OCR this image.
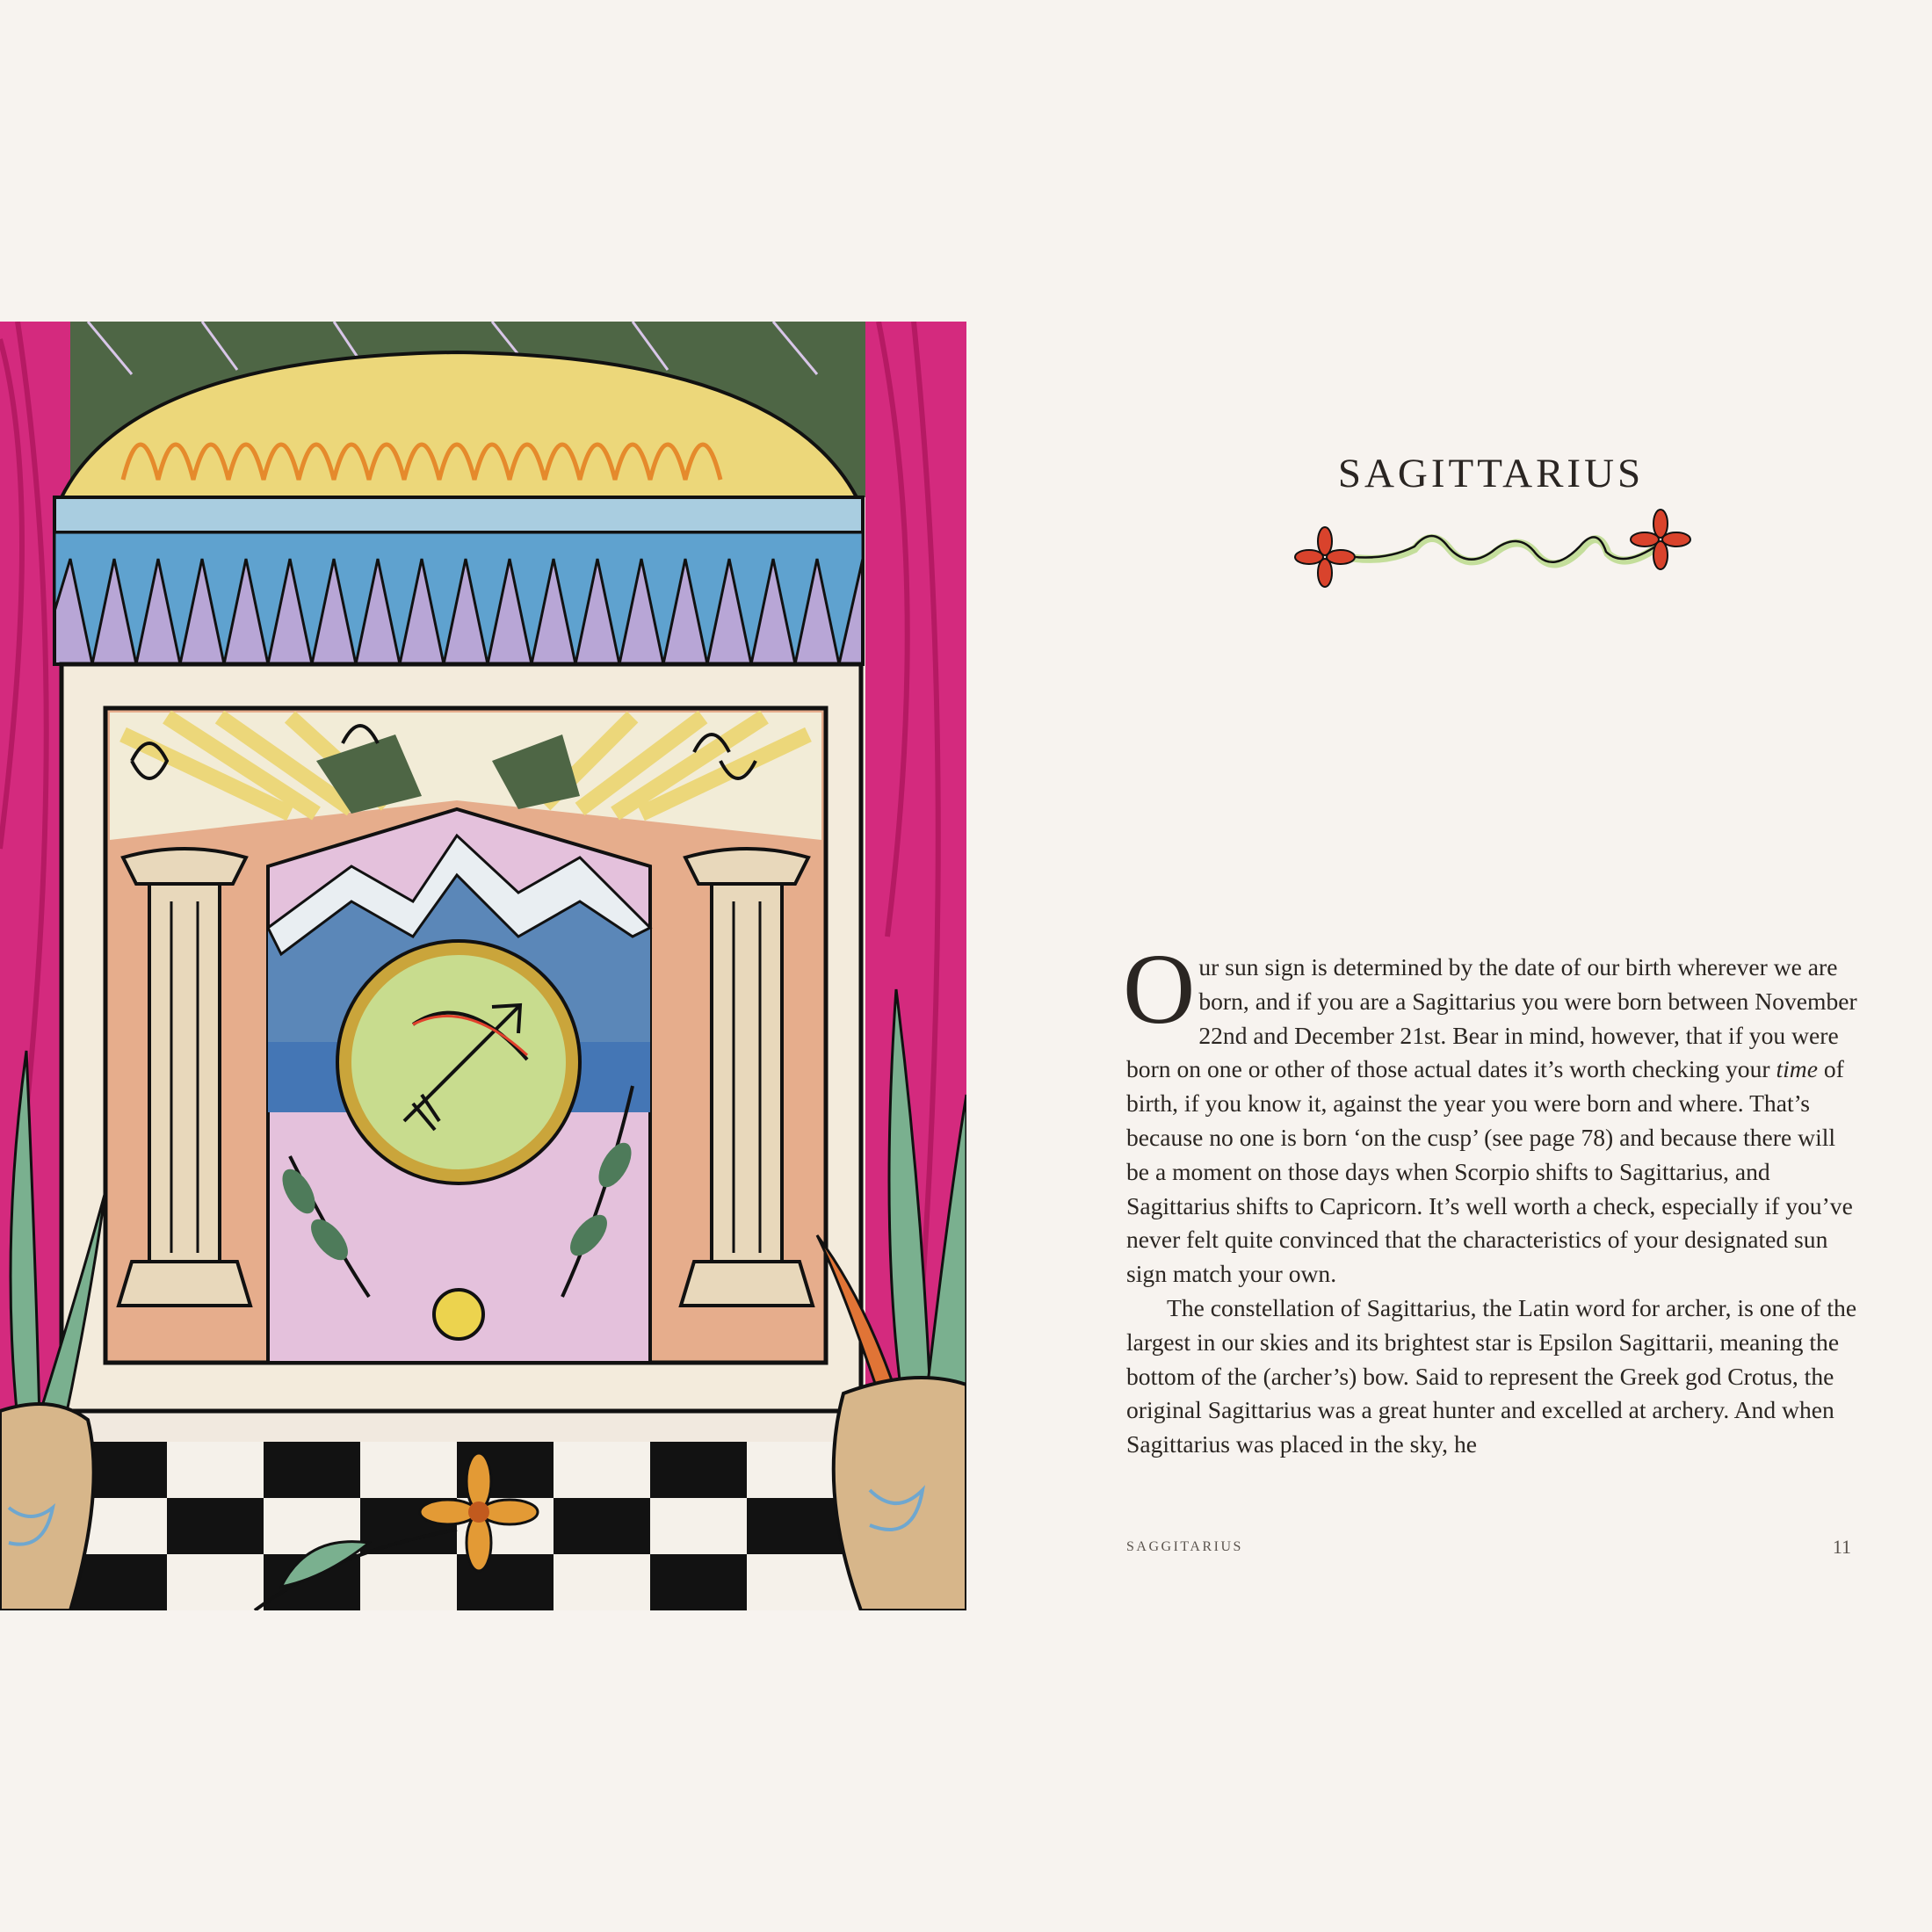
SAGITTARIUS

Our sun sign is determined by the date of our birth wherever we are born, and if you are a Sagittarius you were born between November 22nd and December 21st. Bear in mind, however, that if you were born on one or other of those actual dates it’s worth checking your time of birth, if you know it, against the year you were born and where. That’s because no one is born ‘on the cusp’ (see page 78) and because there will be a moment on those days when Scorpio shifts to Sagittarius, and Sagittarius shifts to Capricorn. It’s well worth a check, especially if you’ve never felt quite convinced that the characteristics of your designated sun sign match your own.

The constellation of Sagittarius, the Latin word for archer, is one of the largest in our skies and its brightest star is Epsilon Sagittarii, meaning the bottom of the (archer’s) bow. Said to represent the Greek god Crotus, the original Sagittarius was a great hunter and excelled at archery. And when Sagittarius was placed in the sky, he

SAGGITARIUS	11
